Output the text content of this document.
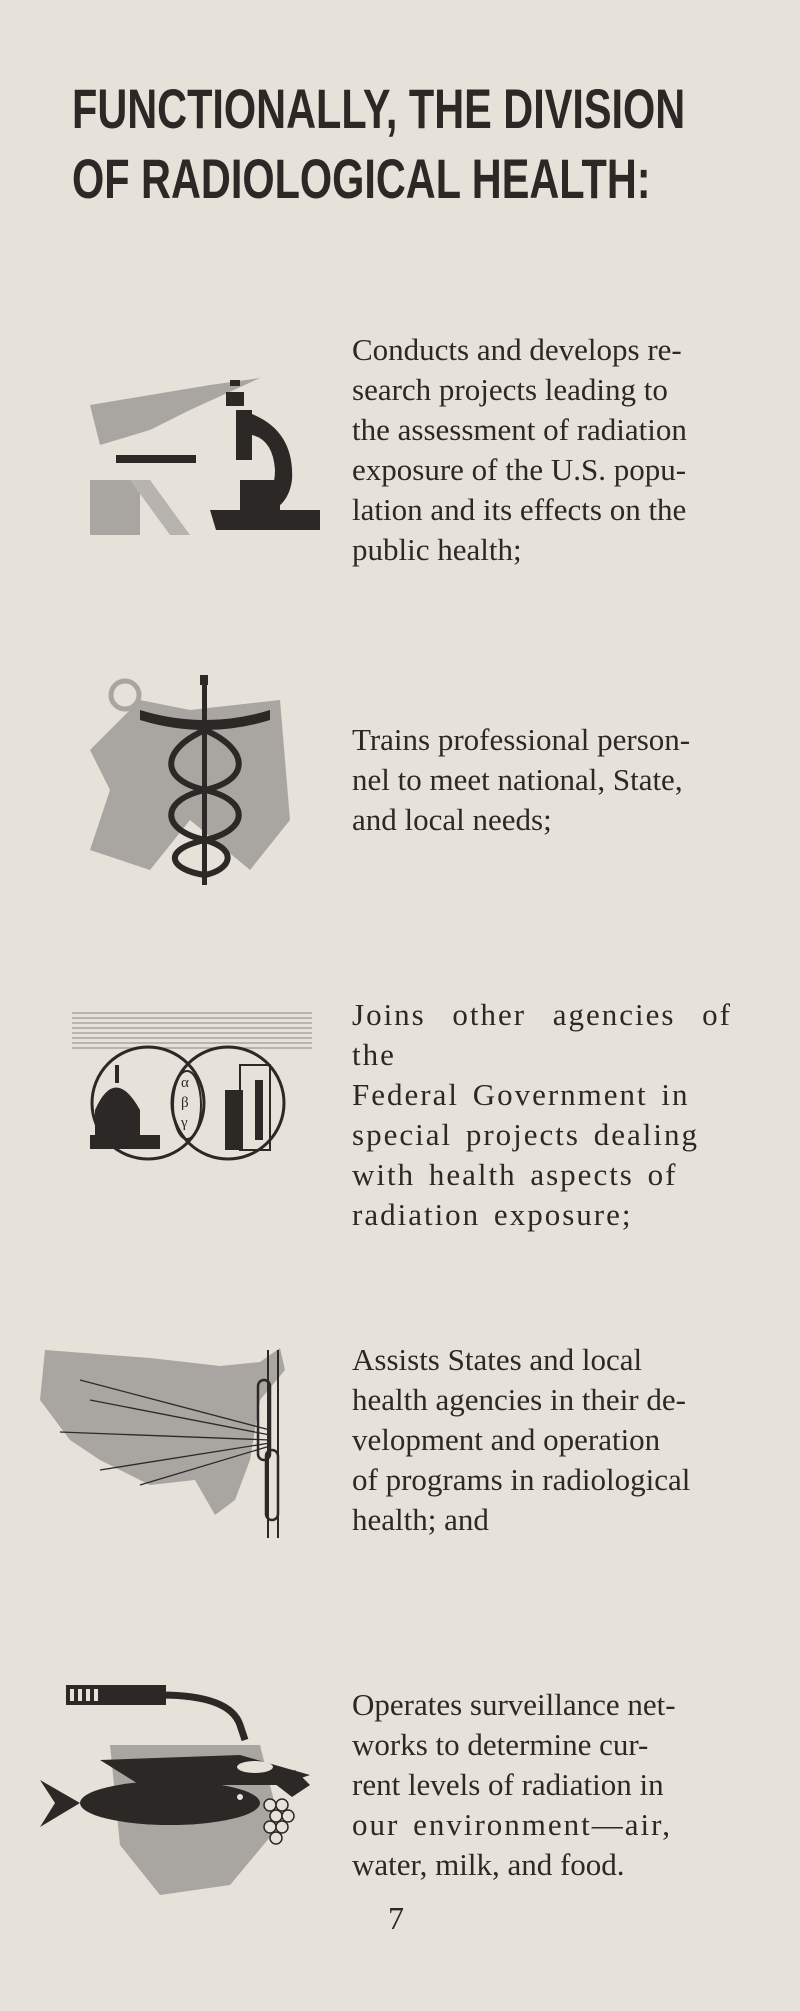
FUNCTIONALLY, THE DIVISION
OF RADIOLOGICAL HEALTH:
Conducts and develops re-
search projects leading to
the assessment of radiation
exposure of the U.S. popu-
lation and its effects on the
public health;
Trains professional person-
nel to meet national, State,
and local needs;
α
β
γ
Joins other agencies of the
Federal Government in
special projects dealing
with health aspects of
radiation exposure;
Assists States and local
health agencies in their de-
velopment and operation
of programs in radiological
health; and
Operates surveillance net-
works to determine cur-
rent levels of radiation in
our environment—air,
water, milk, and food.
7
